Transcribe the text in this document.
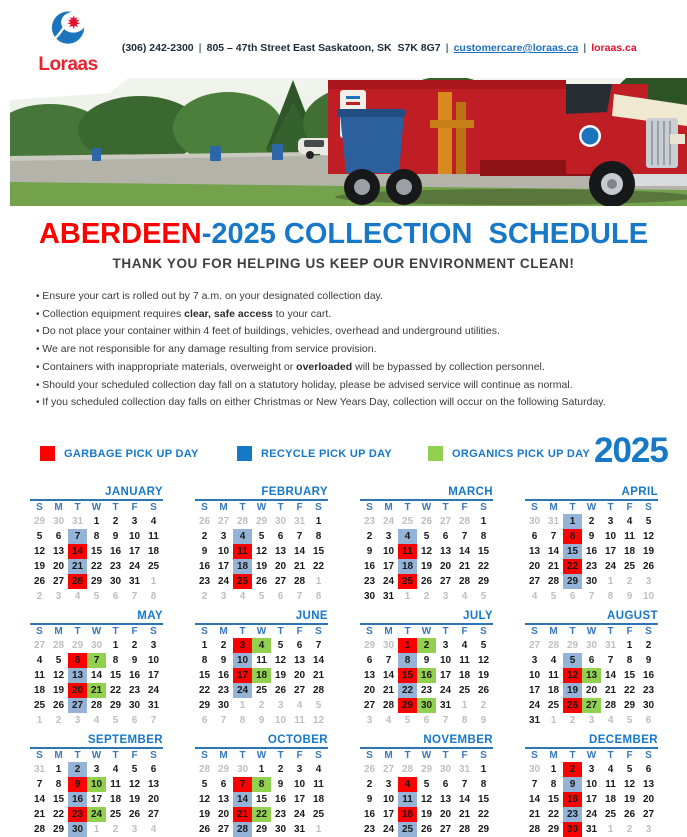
Loraas

(306) 242-2300 | 805 – 47th Street East Saskatoon, SK  S7K 8G7 | customercare@loraas.ca | loraas.ca

ABERDEEN-2025 COLLECTION  SCHEDULE
THANK YOU FOR HELPING US KEEP OUR ENVIRONMENT CLEAN!
• Ensure your cart is rolled out by 7 a.m. on your designated collection day.
• Collection equipment requires clear, safe access to your cart.
• Do not place your container within 4 feet of buildings, vehicles, overhead and underground utilities.
• We are not responsible for any damage resulting from service provision.
• Containers with inappropriate materials, overweight or overloaded will be bypassed by collection personnel.
• Should your scheduled collection day fall on a statutory holiday, please be advised service will continue as normal.
• If you scheduled collection day falls on either Christmas or New Years Day, collection will occur on the following Saturday.
GARBAGE PICK UP DAY	RECYCLE PICK UP DAY	ORGANICS PICK UP DAY 2025
JANUARY
S	M	T	W	T	F	S
29 30 31	1	2	3	4
5	6	7	8	9	10 11
12 13 14 15 16 17 18
19 20 21 22 23 24 25
26 27 28 29 30 31	1
2	3	4	5	6	7	8
FEBRUARY
S	M	T	W	T	F	S
26 27 28 29 30 31	1
2	3	4	5	6	7	8
9	10 11 12 13 14 15
16 17 18 19 20 21 22
23 24 25 26 27 28	1
2	3	4	5	6	7	8
MARCH
S	M	T	W	T	F	S
23 24 25 26 27 28	1
2	3	4	5	6	7	8
9	10 11 12 13 14 15
16 17 18 19 20 21 22
23 24 25 26 27 28 29
30 31	1	2	3	4	5
APRIL
S	M	T	W	T	F	S
30 31	1	2	3	4	5
6	7	8	9	10 11 12
13 14 15 16 17 18 19
20 21 22 23 24 25 26
27 28 29 30	1	2	3
4	5	6	7	8	9	10
MAY
S	M	T	W	T	F	S
27 28 29 30	1	2	3
4	5	6	7	8	9	10
11 12 13 14 15 16 17
18 19 20 21 22 23 24
25 26 27 28 29 30 31
1	2	3	4	5	6	7
JUNE
S	M	T	W	T	F	S
1	2	3	4	5	6	7
8	9	10 11 12 13 14
15 16 17 18 19 20 21
22 23 24 25 26 27 28
29 30	1	2	3	4	5
6	7	8	9	10 11 12
JULY
S	M	T	W	T	F	S
29 30	1	2	3	4	5
6	7	8	9	10 11 12
13 14 15 16 17 18 19
20 21 22 23 24 25 26
27 28 29 30 31	1	2
3	4	5	6	7	8	9
AUGUST
S	M	T	W	T	F	S
27 28 29 30 31	1	2
3	4	5	6	7	8	9
10 11 12 13 14 15 16
17 18 19 20 21 22 23
24 25 26 27 28 29 30
31	1	2	3	4	5	6
SEPTEMBER
S	M	T	W	T	F	S
31	1	2	3	4	5	6
7	8	9	10 11 12 13
14 15 16 17 18 19 20
21 22 23 24 25 26 27
28 29 30	1	2	3	4
OCTOBER
S	M	T	W	T	F	S
28 29 30	1	2	3	4
5	6	7	8	9	10 11
12 13 14 15 16 17 18
19 20 21 22 23 24 25
26 27 28 29 30 31	1
NOVEMBER
S	M	T	W	T	F	S
26 27 28 29 30 31	1
2	3	4	5	6	7	8
9	10 11 12 13 14 15
16 17 18 19 20 21 22
23 24 25 26 27 28 29
DECEMBER
S	M	T	W	T	F	S
30	1	2	3	4	5	6
7	8	9	10 11 12 13
14 15 16 17 18 19 20
21 22 23 24 25 26 27
28 29 30 31	1	2	3
